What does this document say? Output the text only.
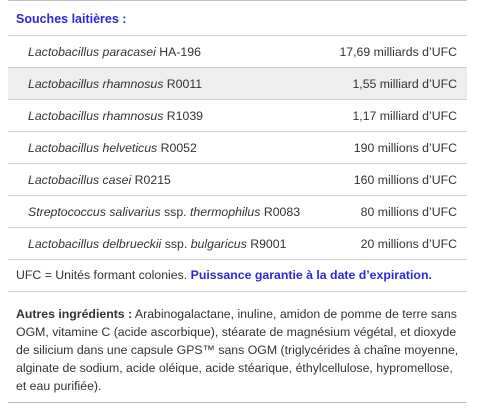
Souches laitières :
Lactobacillus paracasei HA-196	17,69 milliards d’UFC
Lactobacillus rhamnosus R0011	1,55 milliard d’UFC
Lactobacillus rhamnosus R1039	1,17 milliard d’UFC
Lactobacillus helveticus R0052	190 millions d’UFC
Lactobacillus casei R0215	160 millions d’UFC
Streptococcus salivarius ssp. thermophilus R0083	80 millions d’UFC
Lactobacillus delbrueckii ssp. bulgaricus R9001	20 millions d’UFC
UFC = Unités formant colonies. Puissance garantie à la date d’expiration.
Autres ingrédients : Arabinogalactane, inuline, amidon de pomme de terre sans OGM, vitamine C (acide ascorbique), stéarate de magnésium végétal, et dioxyde de silicium dans une capsule GPS™ sans OGM (triglycérides à chaîne moyenne, alginate de sodium, acide oléique, acide stéarique, éthylcellulose, hypromellose, et eau purifiée).
